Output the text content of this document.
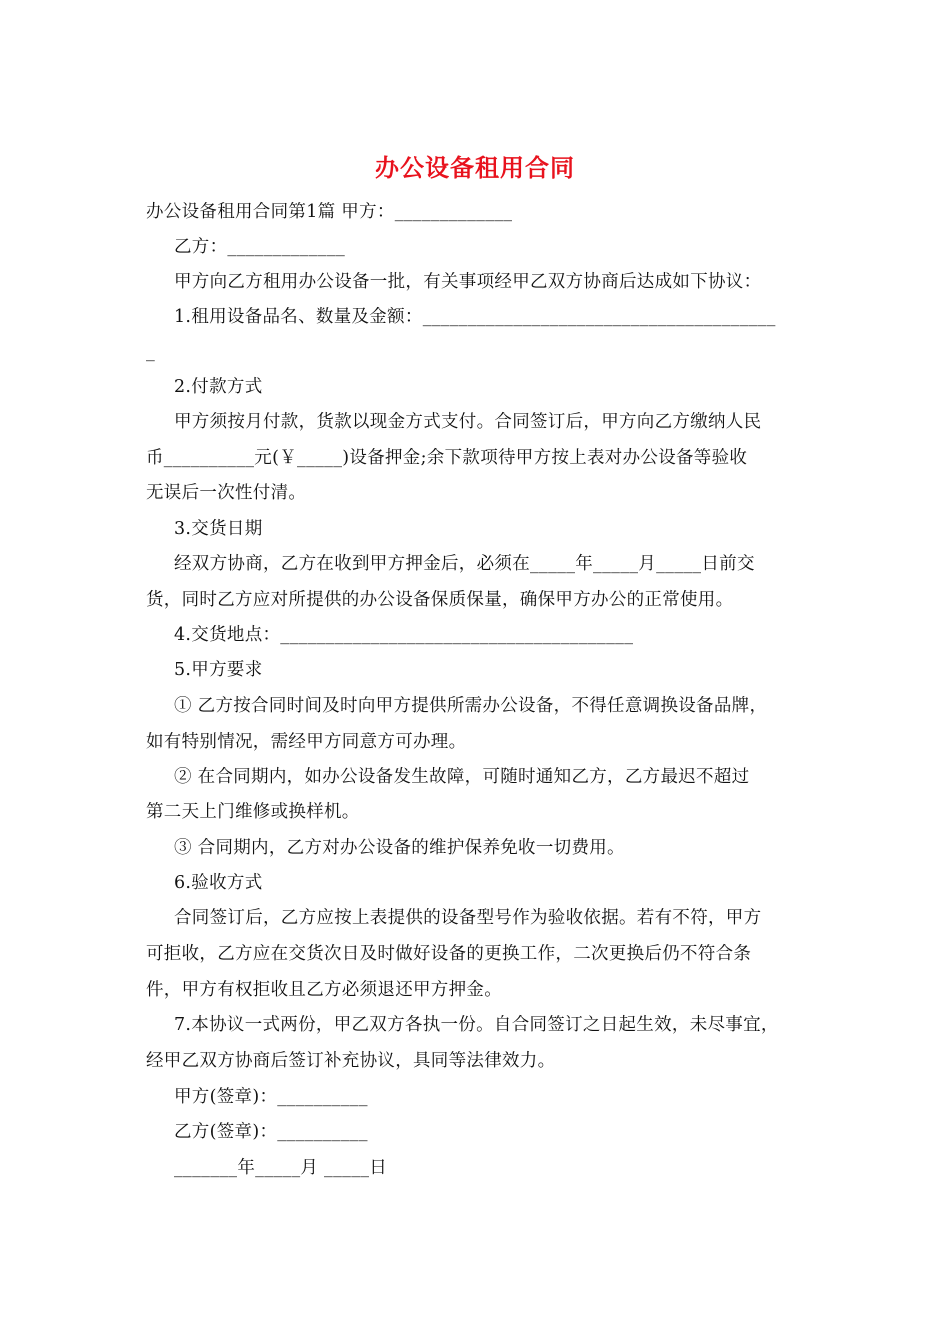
办公设备租用合同
办公设备租用合同第1篇 甲方：_____________
乙方：_____________
甲方向乙方租用办公设备一批，有关事项经甲乙双方协商后达成如下协议：
1.租用设备品名、数量及金额：_______________________________________
_
2.付款方式
甲方须按月付款，货款以现金方式支付。合同签订后，甲方向乙方缴纳人民
币__________元(￥_____)设备押金;余下款项待甲方按上表对办公设备等验收
无误后一次性付清。
3.交货日期
经双方协商，乙方在收到甲方押金后，必须在_____年_____月_____日前交
货，同时乙方应对所提供的办公设备保质保量，确保甲方办公的正常使用。
4.交货地点：_______________________________________
5.甲方要求
① 乙方按合同时间及时向甲方提供所需办公设备，不得任意调换设备品牌，
如有特别情况，需经甲方同意方可办理。
② 在合同期内，如办公设备发生故障，可随时通知乙方，乙方最迟不超过
第二天上门维修或换样机。
③ 合同期内，乙方对办公设备的维护保养免收一切费用。
6.验收方式
合同签订后，乙方应按上表提供的设备型号作为验收依据。若有不符，甲方
可拒收，乙方应在交货次日及时做好设备的更换工作，二次更换后仍不符合条
件，甲方有权拒收且乙方必须退还甲方押金。
7.本协议一式两份，甲乙双方各执一份。自合同签订之日起生效，未尽事宜，
经甲乙双方协商后签订补充协议，具同等法律效力。
甲方(签章)：__________
乙方(签章)：__________
_______年_____月 _____日
